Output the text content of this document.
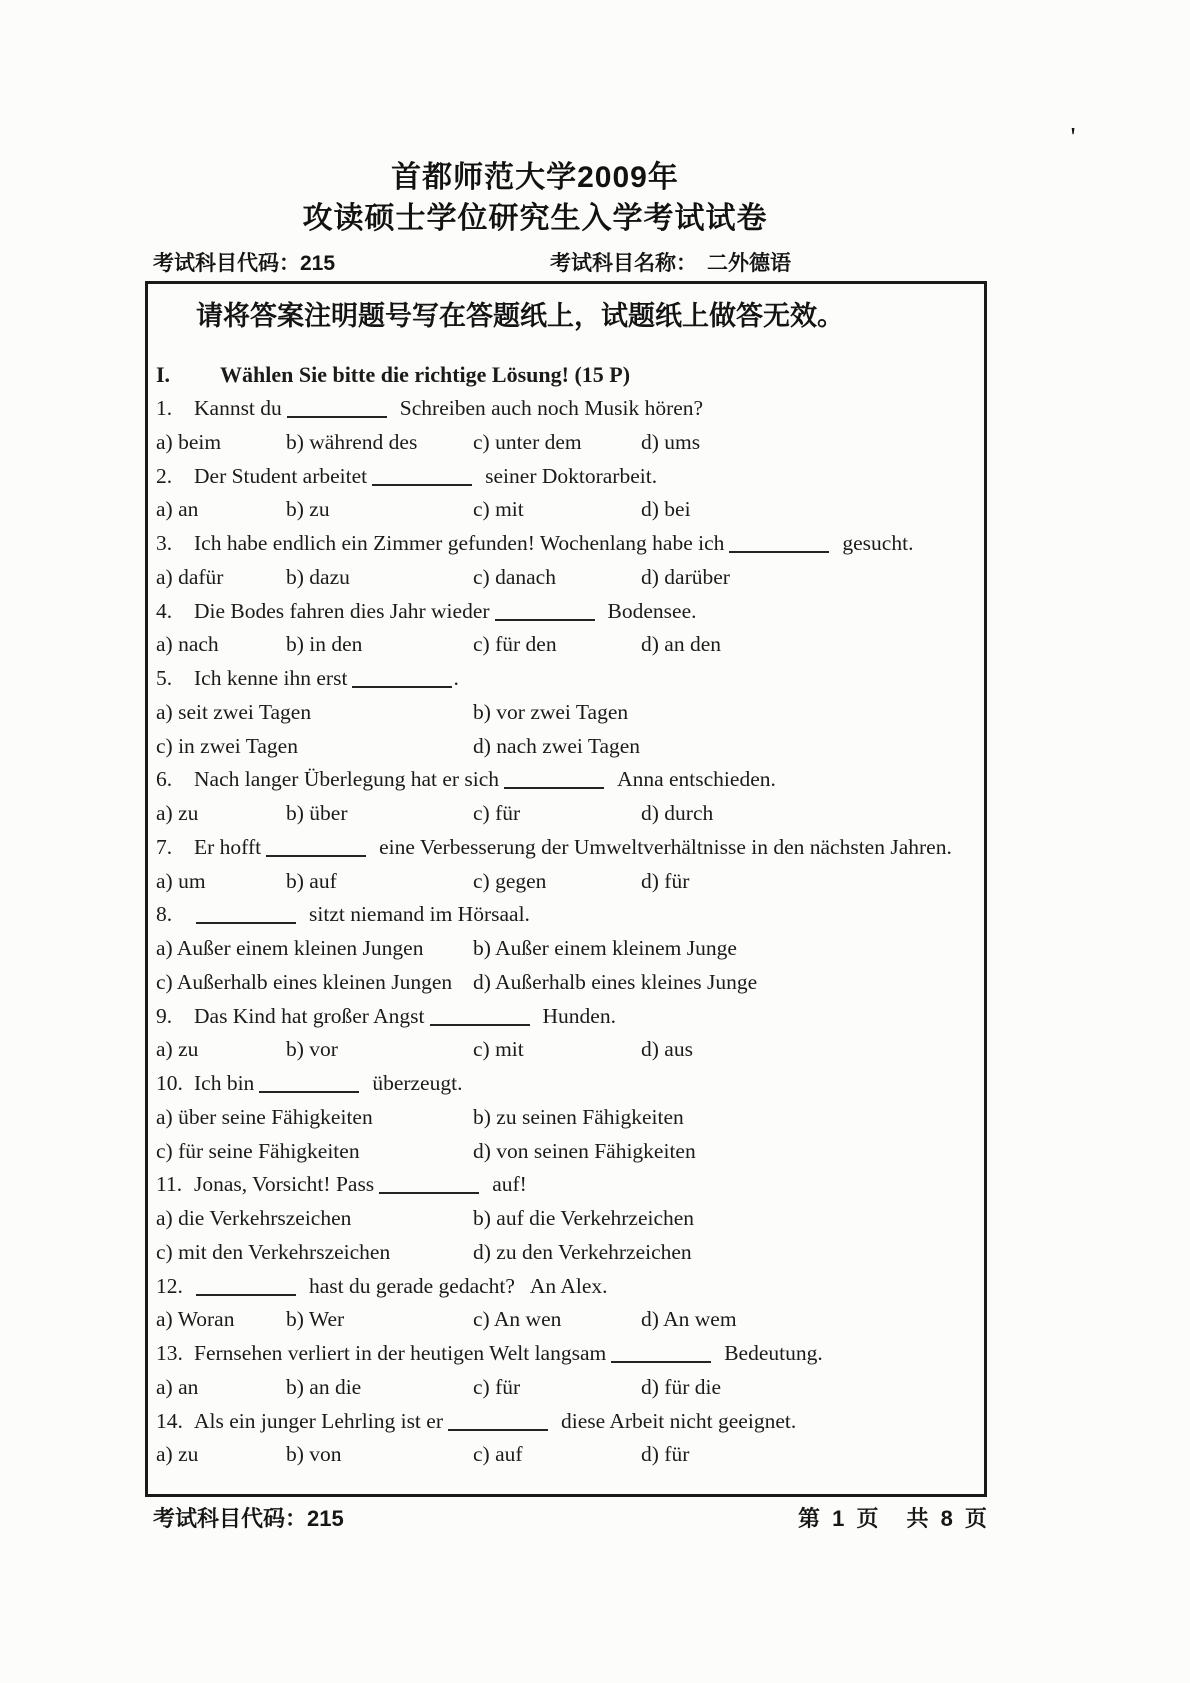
'
首都师范大学2009年
攻读硕士学位研究生入学考试试卷
考试科目代码：215	考试科目名称： 二外德语
请将答案注明题号写在答题纸上，试题纸上做答无效。
I.	Wählen Sie bitte die richtige Lösung! (15 P)
1.	Kannst du	Schreiben auch noch Musik hören?
a) beim	b) während des	c) unter dem	d) ums
2.	Der Student arbeitet	seiner Doktorarbeit.
a) an	b) zu	c) mit	d) bei
3.	Ich habe endlich ein Zimmer gefunden! Wochenlang habe ich	gesucht.
a) dafür	b) dazu	c) danach	d) darüber
4.	Die Bodes fahren dies Jahr wieder	Bodensee.
a) nach	b) in den	c) für den	d) an den
5.	Ich kenne ihn erst	.
a) seit zwei Tagen	b) vor zwei Tagen
c) in zwei Tagen	d) nach zwei Tagen
6.	Nach langer Überlegung hat er sich	Anna entschieden.
a) zu	b) über	c) für	d) durch
7.	Er hofft	eine Verbesserung der Umweltverhältnisse in den nächsten Jahren.
a) um	b) auf	c) gegen	d) für
8.	sitzt niemand im Hörsaal.
a) Außer einem kleinen Jungen	b) Außer einem kleinem Junge
c) Außerhalb eines kleinen Jungen d) Außerhalb eines kleines Junge
9.	Das Kind hat großer Angst	Hunden.
a) zu	b) vor	c) mit	d) aus
10. Ich bin	überzeugt.
a) über seine Fähigkeiten	b) zu seinen Fähigkeiten
c) für seine Fähigkeiten	d) von seinen Fähigkeiten
11. Jonas, Vorsicht! Pass	auf!
a) die Verkehrszeichen	b) auf die Verkehrzeichen
c) mit den Verkehrszeichen	d) zu den Verkehrzeichen
12.	hast du gerade gedacht?   An Alex.
a) Woran	b) Wer	c) An wen	d) An wem
13. Fernsehen verliert in der heutigen Welt langsam	Bedeutung.
a) an	b) an die	c) für	d) für die
14. Als ein junger Lehrling ist er	diese Arbeit nicht geeignet.
a) zu	b) von	c) auf	d) für
考试科目代码：215	第 1 页　共 8 页
